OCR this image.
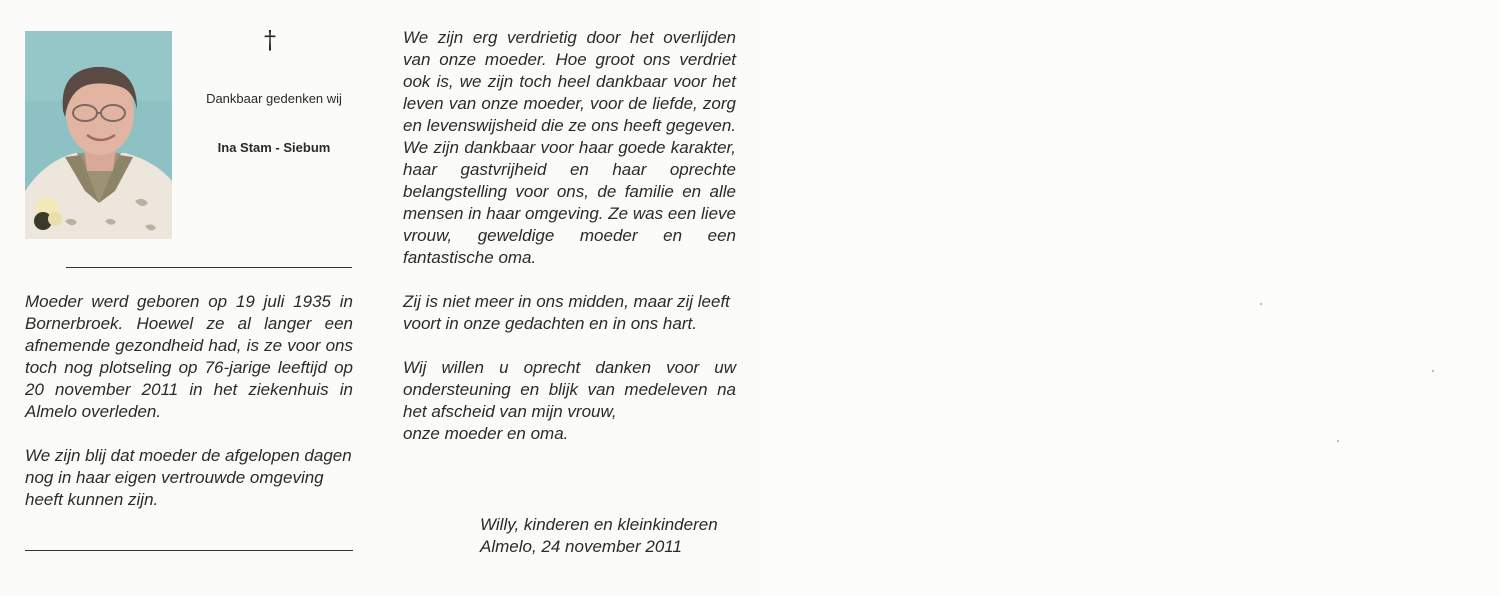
†
Dankbaar gedenken wij
Ina Stam - Siebum

Moeder werd geboren op 19 juli 1935 in Bornerbroek. Hoewel ze al langer een afnemende gezondheid had, is ze voor ons toch nog plotseling op 76-jarige leeftijd op 20 november 2011 in het ziekenhuis in Almelo overleden.

We zijn blij dat moeder de afgelopen dagen nog in haar eigen vertrouwde omgeving heeft kunnen zijn.

We zijn erg verdrietig door het overlijden van onze moeder. Hoe groot ons verdriet ook is, we zijn toch heel dankbaar voor het leven van onze moeder, voor de liefde, zorg en levenswijsheid die ze ons heeft gegeven. We zijn dankbaar voor haar goede karakter, haar gastvrijheid en haar oprechte belangstelling voor ons, de familie en alle mensen in haar omgeving. Ze was een lieve vrouw, geweldige moeder en een fantastische oma.

Zij is niet meer in ons midden, maar zij leeft voort in onze gedachten en in ons hart.

Wij willen u oprecht danken voor uw ondersteuning en blijk van medeleven na het afscheid van mijn vrouw,
onze moeder en oma.

Willy, kinderen en kleinkinderen
Almelo, 24 november 2011
